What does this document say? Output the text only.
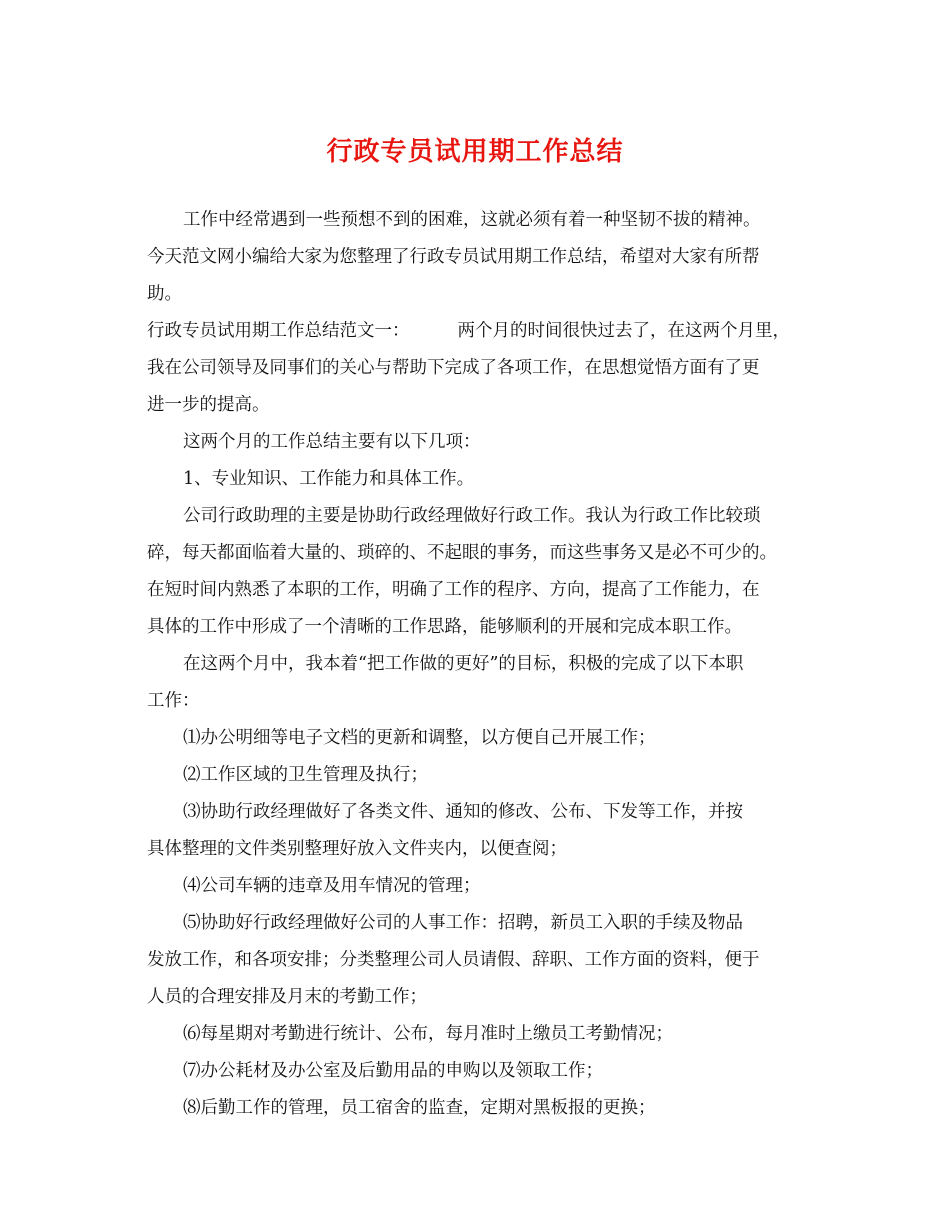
行政专员试用期工作总结
工作中经常遇到一些预想不到的困难，这就必须有着一种坚韧不拔的精神。
今天范文网小编给大家为您整理了行政专员试用期工作总结，希望对大家有所帮
助。
行政专员试用期工作总结范文一：	两个月的时间很快过去了，在这两个月里，
我在公司领导及同事们的关心与帮助下完成了各项工作，在思想觉悟方面有了更
进一步的提高。
这两个月的工作总结主要有以下几项：
1、专业知识、工作能力和具体工作。
公司行政助理的主要是协助行政经理做好行政工作。我认为行政工作比较琐
碎，每天都面临着大量的、琐碎的、不起眼的事务，而这些事务又是必不可少的。
在短时间内熟悉了本职的工作，明确了工作的程序、方向，提高了工作能力，在
具体的工作中形成了一个清晰的工作思路，能够顺利的开展和完成本职工作。
在这两个月中，我本着“把工作做的更好”的目标，积极的完成了以下本职
工作：
⑴办公明细等电子文档的更新和调整，以方便自己开展工作；
⑵工作区域的卫生管理及执行；
⑶协助行政经理做好了各类文件、通知的修改、公布、下发等工作，并按
具体整理的文件类别整理好放入文件夹内，以便查阅；
⑷公司车辆的违章及用车情况的管理；
⑸协助好行政经理做好公司的人事工作：招聘，新员工入职的手续及物品
发放工作，和各项安排；分类整理公司人员请假、辞职、工作方面的资料，便于
人员的合理安排及月末的考勤工作；
⑹每星期对考勤进行统计、公布，每月准时上缴员工考勤情况；
⑺办公耗材及办公室及后勤用品的申购以及领取工作；
⑻后勤工作的管理，员工宿舍的监查，定期对黑板报的更换；
